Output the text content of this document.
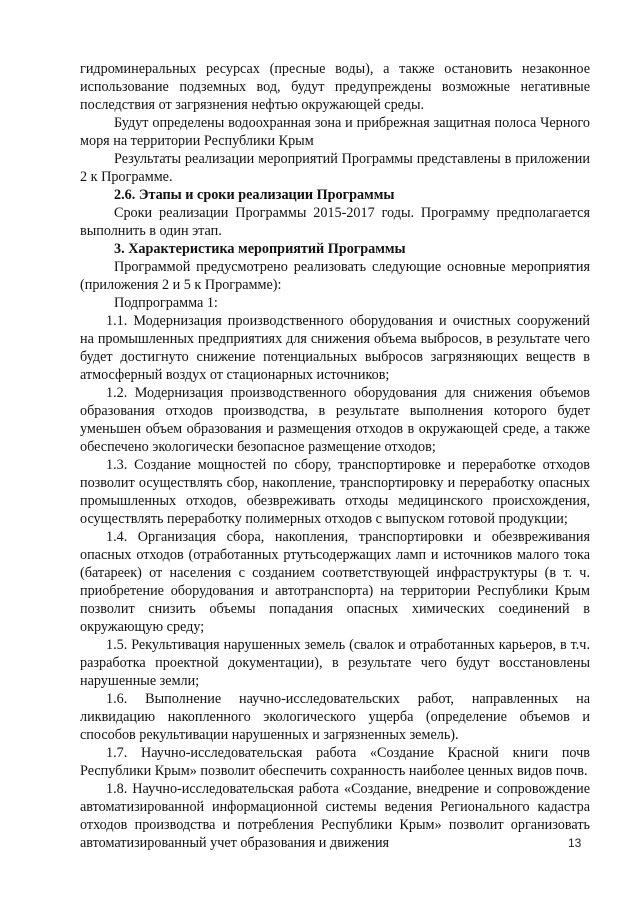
гидроминеральных ресурсах (пресные воды), а также остановить незаконное использование подземных вод, будут предупреждены возможные негативные последствия от загрязнения нефтью окружающей среды.

Будут определены водоохранная зона и прибрежная защитная полоса Черного моря на территории Республики Крым

Результаты реализации мероприятий Программы представлены в приложении 2 к Программе.

2.6. Этапы и сроки реализации Программы

Сроки реализации Программы 2015-2017 годы. Программу предполагается выполнить в один этап.

3. Характеристика мероприятий Программы

Программой предусмотрено реализовать следующие основные мероприятия (приложения 2 и 5 к Программе):

Подпрограмма 1:

1.1. Модернизация производственного оборудования и очистных сооружений на промышленных предприятиях для снижения объема выбросов, в результате чего будет достигнуто снижение потенциальных выбросов загрязняющих веществ в атмосферный воздух от стационарных источников;

1.2. Модернизация производственного оборудования для снижения объемов образования отходов производства, в результате выполнения которого будет уменьшен объем образования и размещения отходов в окружающей среде, а также обеспечено экологически безопасное размещение отходов;

1.3. Создание мощностей по сбору, транспортировке и переработке отходов позволит осуществлять сбор, накопление, транспортировку и переработку опасных промышленных отходов, обезвреживать отходы медицинского происхождения, осуществлять переработку полимерных отходов с выпуском готовой продукции;

1.4. Организация сбора, накопления, транспортировки и обезвреживания опасных отходов (отработанных ртутьсодержащих ламп и источников малого тока (батареек) от населения с созданием соответствующей инфраструктуры (в т. ч. приобретение оборудования и автотранспорта) на территории Республики Крым позволит снизить объемы попадания опасных химических соединений в окружающую среду;

1.5. Рекультивация нарушенных земель (свалок и отработанных карьеров, в т.ч. разработка проектной документации), в результате чего будут восстановлены нарушенные земли;

1.6. Выполнение научно-исследовательских работ, направленных на ликвидацию накопленного экологического ущерба (определение объемов и способов рекультивации нарушенных и загрязненных земель).

1.7. Научно-исследовательская работа «Создание Красной книги почв Республики Крым» позволит обеспечить сохранность наиболее ценных видов почв.

1.8. Научно-исследовательская работа «Создание, внедрение и сопровождение автоматизированной информационной системы ведения Регионального кадастра отходов производства и потребления Республики Крым» позволит организовать автоматизированный учет образования и движения	13
